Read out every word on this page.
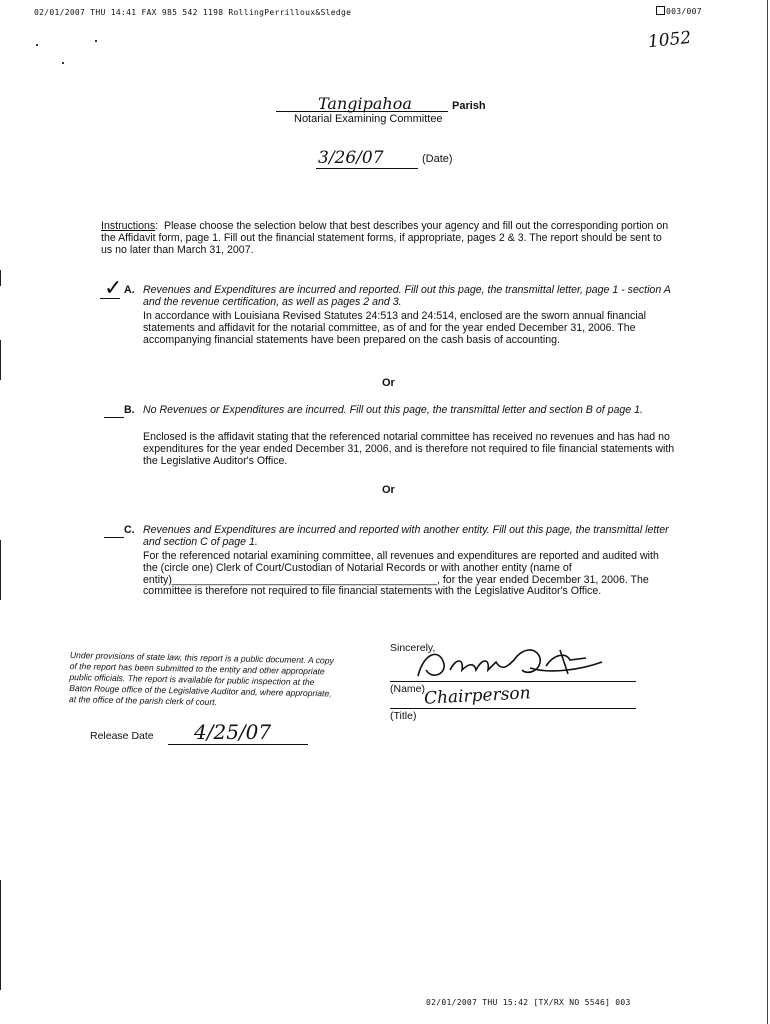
02/01/2007 THU 14:41 FAX 985 542 1198 RollingPerrilloux&Sledge	003/007
1052
Tangipahoa	Parish
Notarial Examining Committee
3/26/07	(Date)
Instructions:  Please choose the selection below that best describes your agency and fill out the corresponding portion on the Affidavit form, page 1. Fill out the financial statement forms, if appropriate, pages 2 & 3. The report should be sent to us no later than March 31, 2007.
✓ A. Revenues and Expenditures are incurred and reported. Fill out this page, the transmittal letter, page 1 - section A and the revenue certification, as well as pages 2 and 3.
In accordance with Louisiana Revised Statutes 24:513 and 24:514, enclosed are the sworn annual financial statements and affidavit for the notarial committee, as of and for the year ended December 31, 2006. The accompanying financial statements have been prepared on the cash basis of accounting.
Or
B. No Revenues or Expenditures are incurred. Fill out this page, the transmittal letter and section B of page 1.
Enclosed is the affidavit stating that the referenced notarial committee has received no revenues and has had no expenditures for the year ended December 31, 2006, and is therefore not required to file financial statements with the Legislative Auditor's Office.
Or
C. Revenues and Expenditures are incurred and reported with another entity. Fill out this page, the transmittal letter and section C of page 1.
For the referenced notarial examining committee, all revenues and expenditures are reported and audited with the (circle one) Clerk of Court/Custodian of Notarial Records or with another entity (name of entity)_____________________________________________, for the year ended December 31, 2006. The committee is therefore not required to file financial statements with the Legislative Auditor's Office.
Under provisions of state law, this report is a public document. A copy of the report has been submitted to the entity and other appropriate public officials. The report is available for public inspection at the Baton Rouge office of the Legislative Auditor and, where appropriate, at the office of the parish clerk of court.
Release Date 4/25/07
Sincerely,
(Name)
Chairperson
(Title)
02/01/2007 THU 15:42 [TX/RX NO 5546] 003
